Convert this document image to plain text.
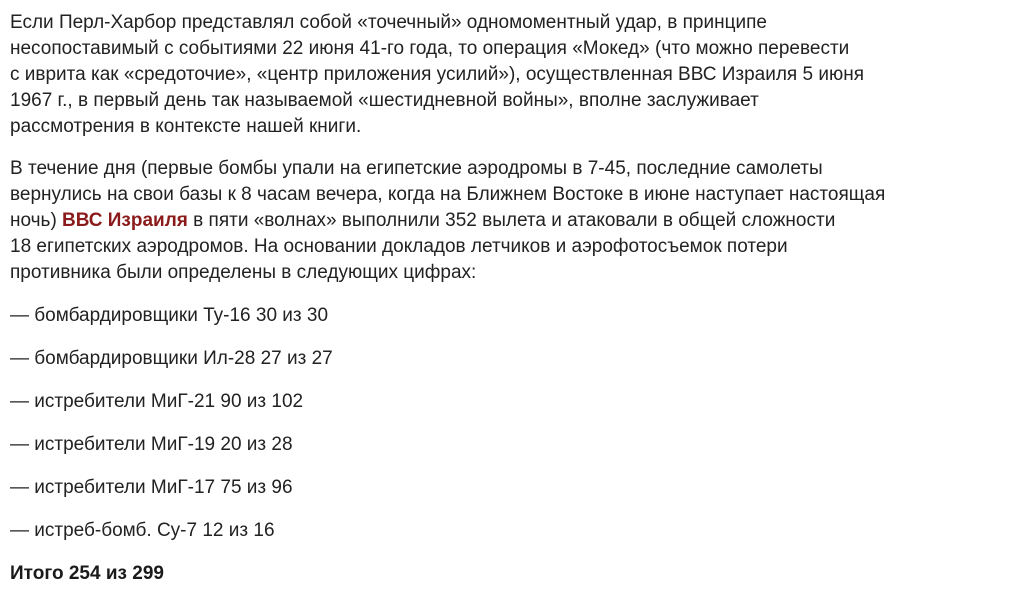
Если Перл-Харбор представлял собой «точечный» одномоментный удар, в принципе
несопоставимый с событиями 22 июня 41-го года, то операция «Мокед» (что можно перевести
с иврита как «средоточие», «центр приложения усилий»), осуществленная ВВС Израиля 5 июня
1967 г., в первый день так называемой «шестидневной войны», вполне заслуживает
рассмотрения в контексте нашей книги.

В течение дня (первые бомбы упали на египетские аэродромы в 7-45, последние самолеты
вернулись на свои базы к 8 часам вечера, когда на Ближнем Востоке в июне наступает настоящая
ночь) ВВС Израиля в пяти «волнах» выполнили 352 вылета и атаковали в общей сложности
18 египетских аэродромов. На основании докладов летчиков и аэрофотосъемок потери
противника были определены в следующих цифрах:

— бомбардировщики Ту-16 30 из 30

— бомбардировщики Ил-28 27 из 27

— истребители МиГ-21 90 из 102

— истребители МиГ-19 20 из 28

— истребители МиГ-17 75 из 96

— истреб-бомб. Су-7 12 из 16

Итого 254 из 299
